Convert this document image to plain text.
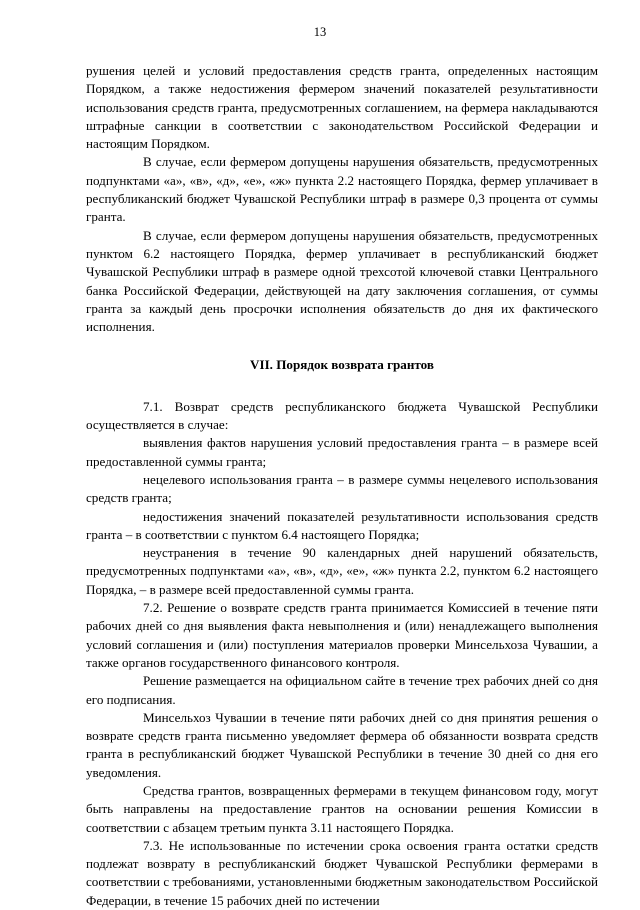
13

рушения целей и условий предоставления средств гранта, определенных настоящим Порядком, а также недостижения фермером значений показателей результативности использования средств гранта, предусмотренных соглашением, на фермера накладываются штрафные санкции в соответствии с законодательством Российской Федерации и настоящим Порядком.

В случае, если фермером допущены нарушения обязательств, предусмотренных подпунктами «а», «в», «д», «е», «ж» пункта 2.2 настоящего Порядка, фермер уплачивает в республиканский бюджет Чувашской Республики штраф в размере 0,3 процента от суммы гранта.

В случае, если фермером допущены нарушения обязательств, предусмотренных пунктом 6.2 настоящего Порядка, фермер уплачивает в республиканский бюджет Чувашской Республики штраф в размере одной трехсотой ключевой ставки Центрального банка Российской Федерации, действующей на дату заключения соглашения, от суммы гранта за каждый день просрочки исполнения обязательств до дня их фактического исполнения.

VII. Порядок возврата грантов

7.1. Возврат средств республиканского бюджета Чувашской Республики осуществляется в случае:

выявления фактов нарушения условий предоставления гранта – в размере всей предоставленной суммы гранта;

нецелевого использования гранта – в размере суммы нецелевого использования средств гранта;

недостижения значений показателей результативности использования средств гранта – в соответствии с пунктом 6.4 настоящего Порядка;

неустранения в течение 90 календарных дней нарушений обязательств, предусмотренных подпунктами «а», «в», «д», «е», «ж» пункта 2.2, пунктом 6.2 настоящего Порядка, – в размере всей предоставленной суммы гранта.

7.2. Решение о возврате средств гранта принимается Комиссией в течение пяти рабочих дней со дня выявления факта невыполнения и (или) ненадлежащего выполнения условий соглашения и (или) поступления материалов проверки Минсельхоза Чувашии, а также органов государственного финансового контроля.

Решение размещается на официальном сайте в течение трех рабочих дней со дня его подписания.

Минсельхоз Чувашии в течение пяти рабочих дней со дня принятия решения о возврате средств гранта письменно уведомляет фермера об обязанности возврата средств гранта в республиканский бюджет Чувашской Республики в течение 30 дней со дня его уведомления.

Средства грантов, возвращенных фермерами в текущем финансовом году, могут быть направлены на предоставление грантов на основании решения Комиссии в соответствии с абзацем третьим пункта 3.11 настоящего Порядка.

7.3. Не использованные по истечении срока освоения гранта остатки средств подлежат возврату в республиканский бюджет Чувашской Республики фермерами в соответствии с требованиями, установленными бюджетным законодательством Российской Федерации, в течение 15 рабочих дней по истечении
